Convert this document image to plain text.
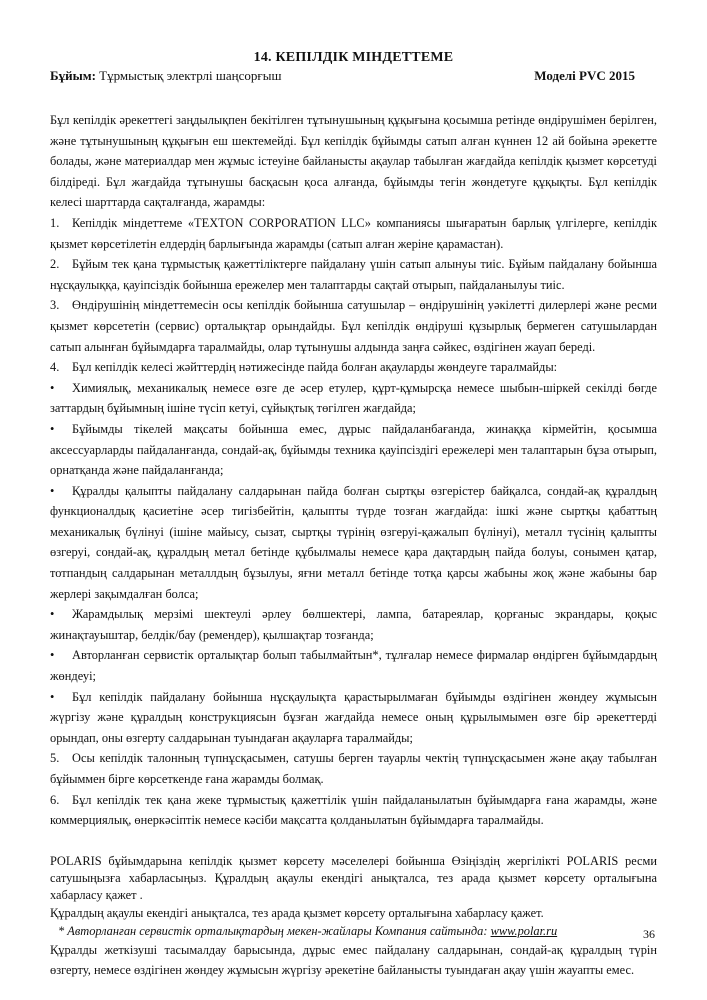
14. КЕПІЛДІК МІНДЕТТЕМЕ
Бұйым: Тұрмыстық электрлі шаңсорғыш	Моделі PVC 2015

Бұл кепілдік әрекеттегі заңдылықпен бекітілген тұтынушының құқығына қосымша ретінде өндірушімен берілген, және тұтынушының құқығын еш шектемейді. Бұл кепілдік бұйымды сатып алған күннен 12 ай бойына әрекетте болады, және материалдар мен жұмыс істеуіне байланысты ақаулар табылған жағдайда кепілдік қызмет көрсетуді білдіреді. Бұл жағдайда тұтынушы басқасын қоса алғанда, бұйымды тегін жөндетуге құқықты. Бұл кепілдік келесі шарттарда сақталғанда, жарамды:

1. Кепілдік міндеттеме «TEXTON CORPORATION LLC» компаниясы шығаратын барлық үлгілерге, кепілдік қызмет көрсетілетін елдердің барлығында жарамды (сатып алған жеріне қарамастан).

2. Бұйым тек қана тұрмыстық қажеттіліктерге пайдалану үшін сатып алынуы тиіс. Бұйым пайдалану бойынша нұсқаулыққа, қауіпсіздік бойынша ережелер мен талаптарды сақтай отырып, пайдаланылуы тиіс.

3. Өндірушінің міндеттемесін осы кепілдік бойынша сатушылар – өндірушінің уәкілетті дилерлері және ресми қызмет көрсететін (сервис) орталықтар орындайды. Бұл кепілдік өндіруші құзырлық бермеген сатушылардан сатып алынған бұйымдарға таралмайды, олар тұтынушы алдында заңға сәйкес, өздігінен жауап береді.

4. Бұл кепілдік келесі жәйттердің нәтижесінде пайда болған ақауларды жөндеуге таралмайды:

• Химиялық, механикалық немесе өзге де әсер етулер, құрт-құмырсқа немесе шыбын-шіркей секілді бөгде заттардың бұйымның ішіне түсіп кетуі, сұйықтық төгілген жағдайда;

• Бұйымды тікелей мақсаты бойынша емес, дұрыс пайдаланбағанда, жинаққа кірмейтін, қосымша аксессуарларды пайдаланғанда, сондай-ақ, бұйымды техника қауіпсіздігі ережелері мен талаптарын бұза отырып, орнатқанда және пайдаланғанда;

• Құралды қалыпты пайдалану салдарынан пайда болған сыртқы өзгерістер байқалса, сондай-ақ құралдың функционалдық қасиетіне әсер тигізбейтін, қалыпты түрде тозған жағдайда: ішкі және сыртқы қабаттың механикалық бүлінуі (ішіне майысу, сызат, сыртқы түрінің өзгеруі-қажалып бүлінуі), металл түсінің қалыпты өзгеруі, сондай-ақ, құралдың метал бетінде құбылмалы немесе қара дақтардың пайда болуы, сонымен қатар, тотпандың салдарынан металлдың бұзылуы, яғни металл бетінде тотқа қарсы жабыны жоқ және жабыны бар жерлері зақымдалған болса;

• Жарамдылық мерзімі шектеулі әрлеу бөлшектері, лампа, батареялар, қорғаныс экрандары, қоқыс жинақтауыштар, белдік/бау (ремендер), қылшақтар тозғанда;

• Авторланған сервистік орталықтар болып табылмайтын*, тұлғалар немесе фирмалар өндірген бұйымдардың жөндеуі;

• Бұл кепілдік пайдалану бойынша нұсқаулықта қарастырылмаған бұйымды өздігінен жөндеу жұмысын жүргізу және құралдың конструкциясын бұзған жағдайда немесе оның құрылымымен өзге бір әрекеттерді орындап, оны өзгерту салдарынан туындаған ақауларға таралмайды;

5. Осы кепілдік талонның түпнұсқасымен, сатушы берген тауарлы чектің түпнұсқасымен және ақау табылған бұйыммен бірге көрсеткенде ғана жарамды болмақ.

6. Бұл кепілдік тек қана жеке тұрмыстық қажеттілік үшін пайдаланылатын бұйымдарға ғана жарамды, және коммерциялық, өнеркәсіптік немесе кәсіби мақсатта қолданылатын бұйымдарға таралмайды.

POLARIS бұйымдарына кепілдік қызмет көрсету мәселелері бойынша Өзіңіздің жергілікті POLARIS ресми сатушыңызға хабарласыңыз. Құралдың ақаулы екендігі анықталса, тез арада қызмет көрсету орталығына хабарласу қажет .

Құралдың ақаулы екендігі анықталса, тез арада қызмет көрсету орталығына хабарласу қажет.

* Авторланған сервистік орталықтардың мекен-жайлары Компания сайтында: www.polar.ru

Құралды жеткізуші тасымалдау барысында, дұрыс емес пайдалану салдарынан, сондай-ақ құралдың түрін өзгерту, немесе өздігінен жөндеу жұмысын жүргізу әрекетіне байланысты туындаған ақау үшін жауапты емес.

36
